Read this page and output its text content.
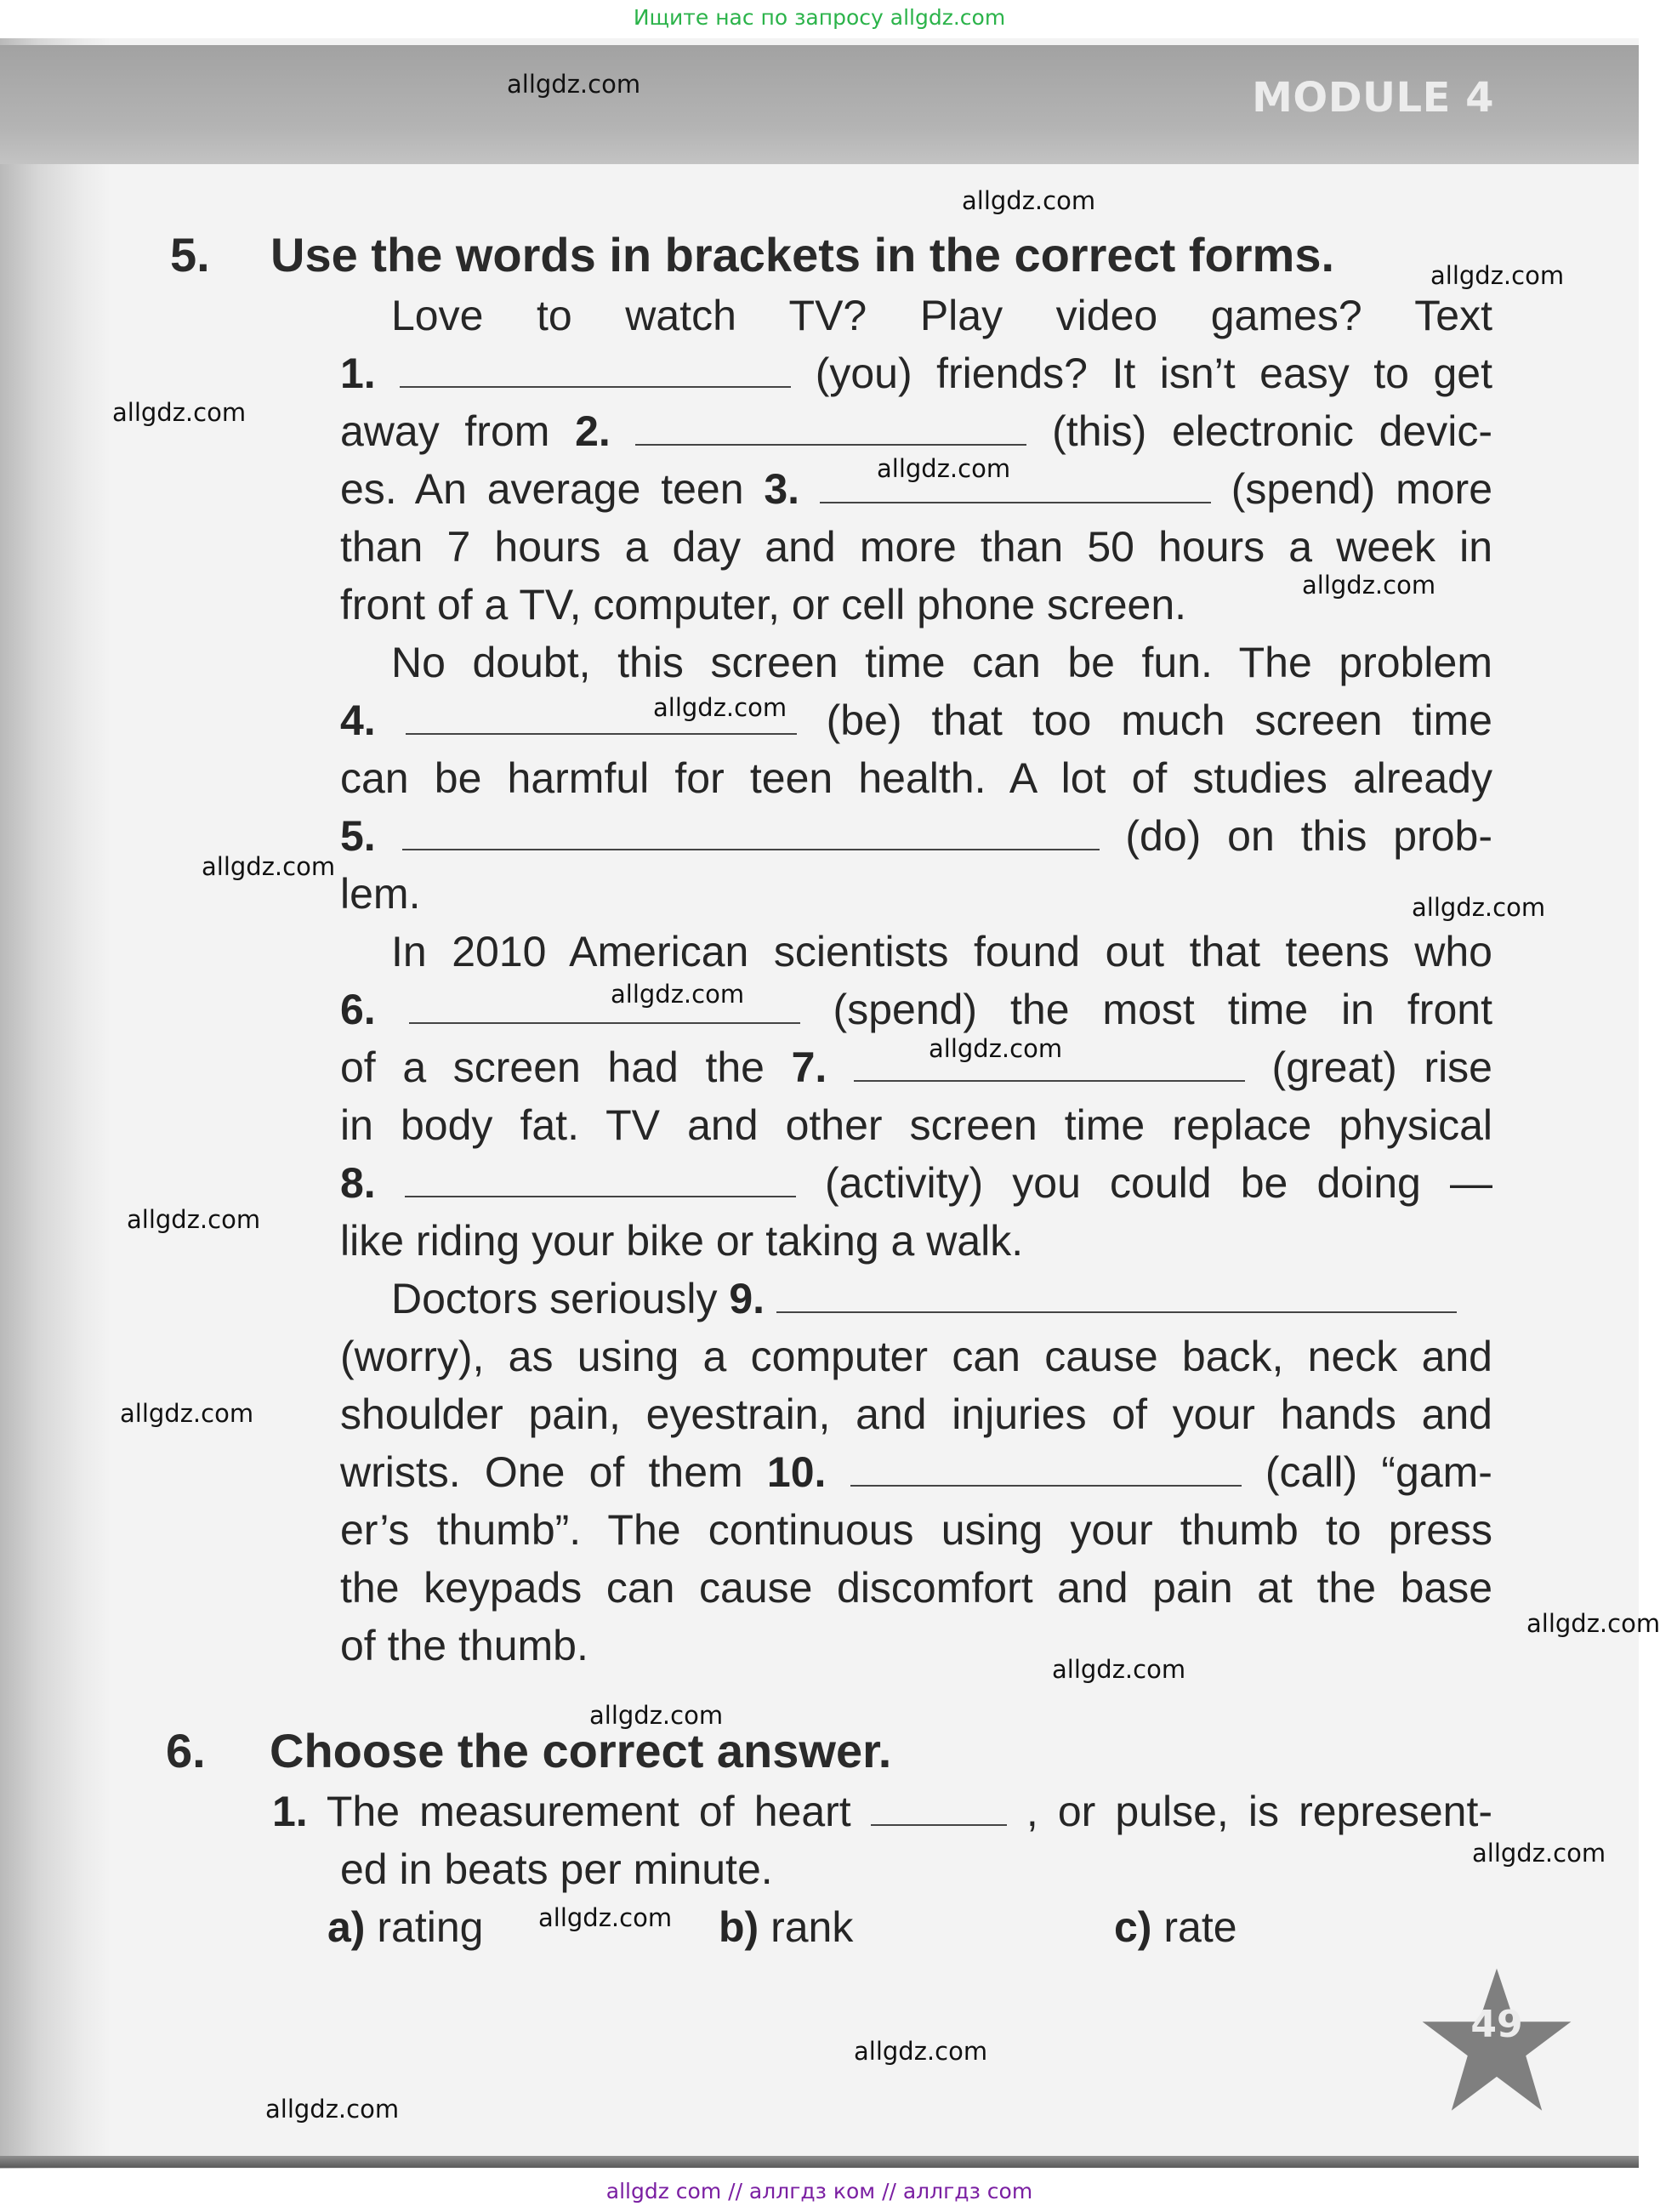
Ищите нас по запросу allgdz.com
MODULE 4
49
5. Use the words in brackets in the correct forms.
Love to watch TV? Play video games? Text
1.	(you) friends? It isn’t easy to get
away from 2.	(this) electronic devic-
es. An average teen 3.	(spend) more
than 7 hours a day and more than 50 hours a week in
front of a TV, computer, or cell phone screen.
No doubt, this screen time can be fun. The problem
4.	(be) that too much screen time
can be harmful for teen health. A lot of studies already
5.	(do) on this prob-
lem.
In 2010 American scientists found out that teens who
6.	(spend) the most time in front
of a screen had the 7.	(great) rise
in body fat. TV and other screen time replace physical
8.	(activity) you could be doing —
like riding your bike or taking a walk.
Doctors seriously 9.
(worry), as using a computer can cause back, neck and
shoulder pain, eyestrain, and injuries of your hands and
wrists. One of them 10.	(call) “gam-
er’s thumb”. The continuous using your thumb to press
the keypads can cause discomfort and pain at the base
of the thumb.
6. Choose the correct answer.
1. The measurement of heart	, or pulse, is represent-
ed in beats per minute.
a) rating	b) rank	c) rate
allgdz.com
allgdz.com
allgdz.com
allgdz.com
allgdz.com
allgdz.com
allgdz.com
allgdz.com
allgdz.com
allgdz.com
allgdz.com
allgdz.com
allgdz.com
allgdz.com
allgdz.com
allgdz.com
allgdz.com
allgdz.com
allgdz.com
allgdz.com
allgdz com // аллгдз ком // аллгдз com
